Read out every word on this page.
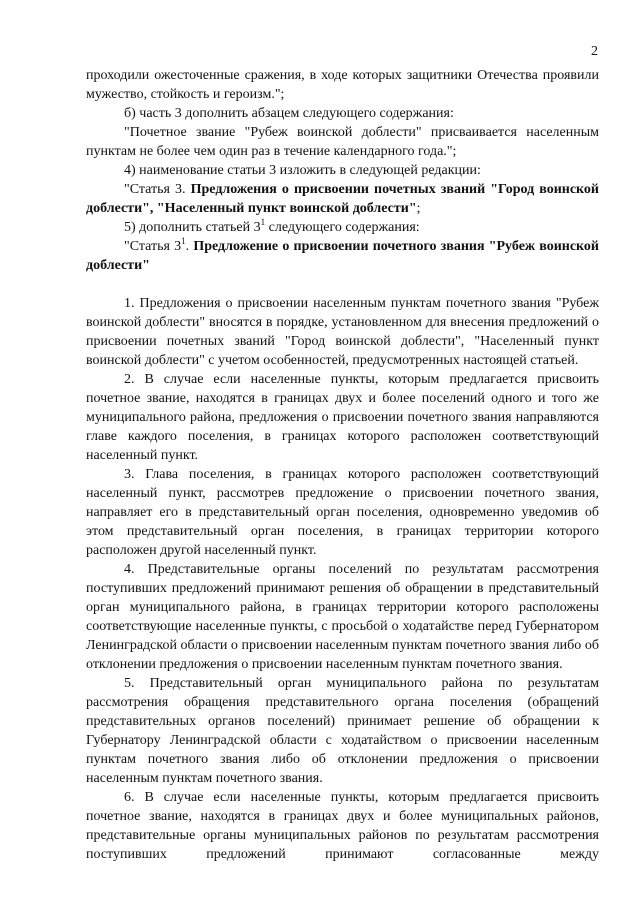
2

проходили ожесточенные сражения, в ходе которых защитники Отечества проявили мужество, стойкость и героизм.";

б) часть 3 дополнить абзацем следующего содержания:

"Почетное звание "Рубеж воинской доблести" присваивается населенным пунктам не более чем один раз в течение календарного года.";

4) наименование статьи 3 изложить в следующей редакции:

"Статья 3. Предложения о присвоении почетных званий "Город воинской доблести", "Населенный пункт воинской доблести";

5) дополнить статьей $3^1$ следующего содержания:

"Статья $3^1$. Предложение о присвоении почетного звания "Рубеж воинской доблести"

1. Предложения о присвоении населенным пунктам почетного звания "Рубеж воинской доблести" вносятся в порядке, установленном для внесения предложений о присвоении почетных званий "Город воинской доблести", "Населенный пункт воинской доблести" с учетом особенностей, предусмотренных настоящей статьей.

2. В случае если населенные пункты, которым предлагается присвоить почетное звание, находятся в границах двух и более поселений одного и того же муниципального района, предложения о присвоении почетного звания направляются главе каждого поселения, в границах которого расположен соответствующий населенный пункт.

3. Глава поселения, в границах которого расположен соответствующий населенный пункт, рассмотрев предложение о присвоении почетного звания, направляет его в представительный орган поселения, одновременно уведомив об этом представительный орган поселения, в границах территории которого расположен другой населенный пункт.

4. Представительные органы поселений по результатам рассмотрения поступивших предложений принимают решения об обращении в представительный орган муниципального района, в границах территории которого расположены соответствующие населенные пункты, с просьбой о ходатайстве перед Губернатором Ленинградской области о присвоении населенным пунктам почетного звания либо об отклонении предложения о присвоении населенным пунктам почетного звания.

5. Представительный орган муниципального района по результатам рассмотрения обращения представительного органа поселения (обращений представительных органов поселений) принимает решение об обращении к Губернатору Ленинградской области с ходатайством о присвоении населенным пунктам почетного звания либо об отклонении предложения о присвоении населенным пунктам почетного звания.

6. В случае если населенные пункты, которым предлагается присвоить почетное звание, находятся в границах двух и более муниципальных районов, представительные органы муниципальных районов по результатам рассмотрения поступивших предложений принимают согласованные между
